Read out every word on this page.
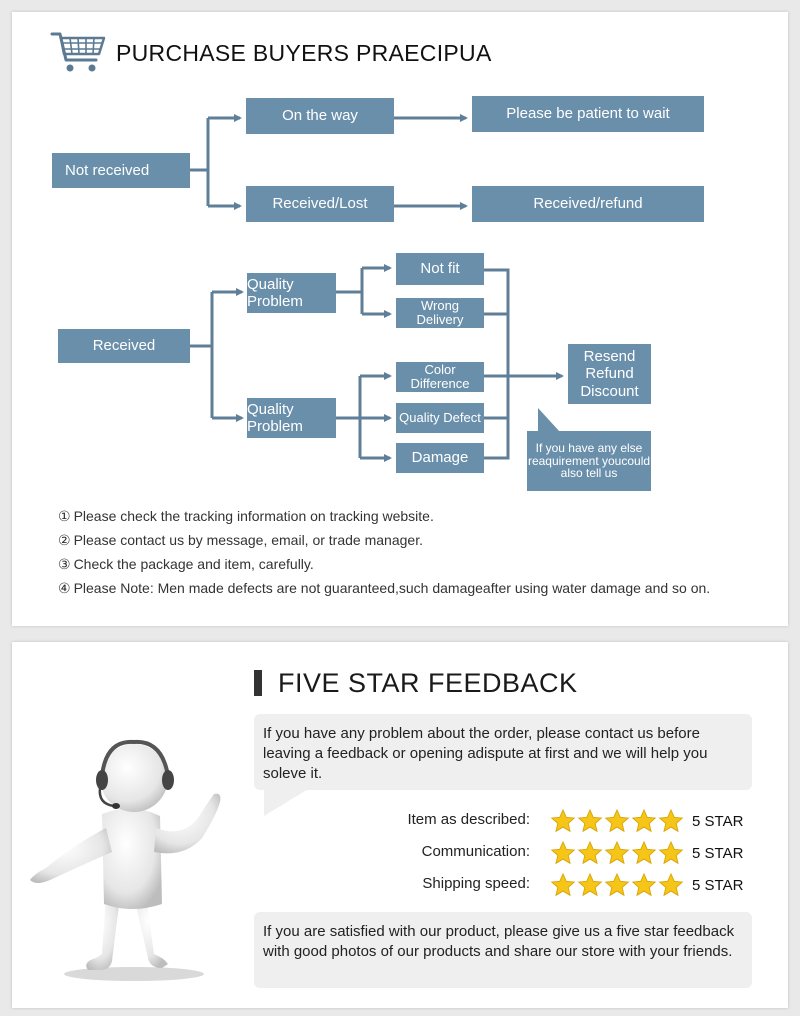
PURCHASE BUYERS PRAECIPUA
Not received
On the way	Please be patient to wait
Received/Lost	Received/refund
Received
Quality Problem
Quality Problem
Not fit
Wrong Delivery
Color Difference
Quality Defect
Damage
Resend Refund Discount
If you have any else reaquirement youcould also tell us
① Please check the tracking information on tracking website.
② Please contact us by message, email, or trade manager.
③ Check the package and item, carefully.
④ Please Note: Men made defects are not guaranteed,such damageafter using water damage and so on.
FIVE STAR FEEDBACK
If you have any problem about the order, please contact us before leaving a feedback or opening adispute at first and we will help you soleve it.
Item as described:	5 STAR
Communication:	5 STAR
Shipping speed:	5 STAR
If you are satisfied with our product, please give us a five star feedback with good photos of our products and share our store with your friends.
